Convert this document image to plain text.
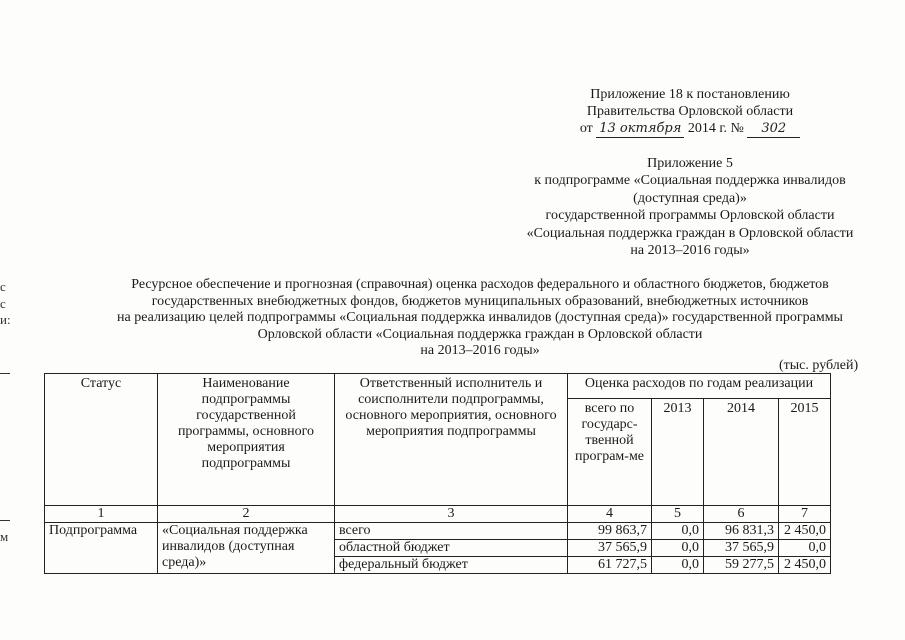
Приложение 18 к постановлению
Правительства Орловской области
от 13 октября 2014 г. № 302
Приложение 5
к подпрограмме «Социальная поддержка инвалидов
(доступная среда)»
государственной программы Орловской области
«Социальная поддержка граждан в Орловской области
на 2013–2016 годы»
с
с
и:
м
Ресурсное обеспечение и прогнозная (справочная) оценка расходов федерального и областного бюджетов, бюджетов
государственных внебюджетных фондов, бюджетов муниципальных образований, внебюджетных источников
на реализацию целей подпрограммы «Социальная поддержка инвалидов (доступная среда)» государственной программы
Орловской области «Социальная поддержка граждан в Орловской области
на 2013–2016 годы»
(тыс. рублей)
Статус	Наименование подпрограммы государственной программы, основного мероприятия подпрограммы	Ответственный исполнитель и соисполнители подпрограммы, основного мероприятия, основного мероприятия подпрограммы	Оценка расходов по годам реализации			
			всего по государс-твенной програм-ме	2013	2014	2015
1	2	3	4	5	6	7
Подпрограмма	«Социальная поддержка инвалидов (доступная среда)»	всего	99 863,7	0,0	96 831,3	2 450,0
		областной бюджет	37 565,9	0,0	37 565,9	0,0
		федеральный бюджет	61 727,5	0,0	59 277,5	2 450,0
